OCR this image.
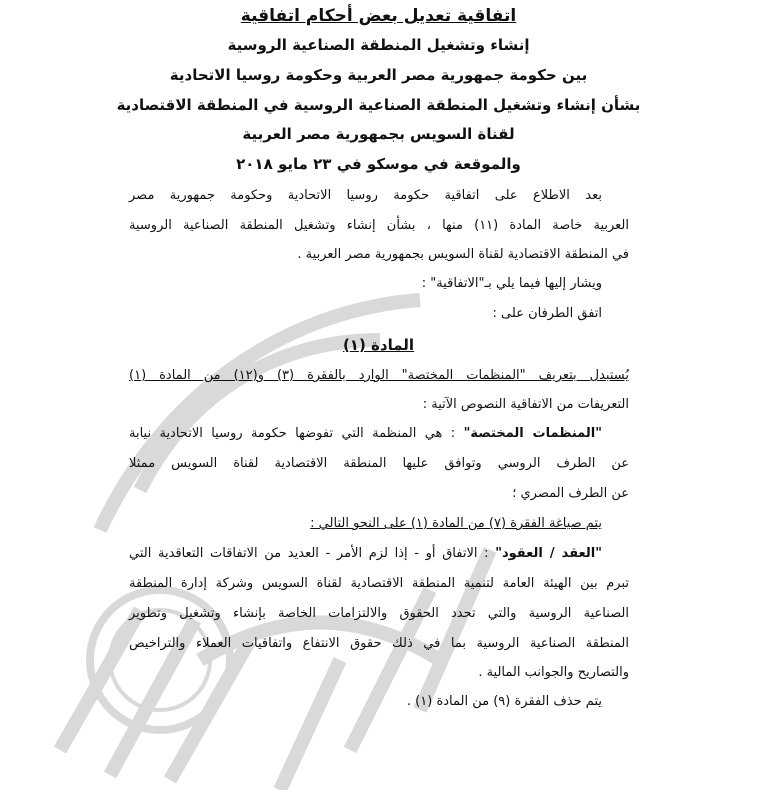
اتفاقية تعديل بعض أحكام اتفاقية
إنشاء وتشغيل المنطقة الصناعية الروسية
بين حكومة جمهورية مصر العربية وحكومة روسيا الاتحادية
بشأن إنشاء وتشغيل المنطقة الصناعية الروسية في المنطقة الاقتصادية
لقناة السويس بجمهورية مصر العربية
والموقعة في موسكو في ٢٣ مايو ٢٠١٨
بعد الاطلاع على اتفاقية حكومة روسيا الاتحادية وحكومة جمهورية مصر
العربية خاصة المادة (١١) منها ، بشأن إنشاء وتشغيل المنطقة الصناعية الروسية
في المنطقة الاقتصادية لقناة السويس بجمهورية مصر العربية .
ويشار إليها فيما يلي بـ"الاتفاقية" :
اتفق الطرفان على :
المادة (١)
يُستبدل بتعريف "المنظمات المختصة" الوارد بالفقرة (٣) و(١٢) من المادة (١)
التعريفات من الاتفاقية النصوص الآتية :
"المنظمات المختصة" : هي المنظمة التي تفوضها حكومة روسيا الاتحادية نيابة
عن الطرف الروسي وتوافق عليها المنطقة الاقتصادية لقناة السويس ممثلا
عن الطرف المصري ؛
يتم صياغة الفقرة (٧) من المادة (١) على النحو التالي :
"العقد / العقود" : الاتفاق أو - إذا لزم الأمر - العديد من الاتفاقات التعاقدية التي
تبرم بين الهيئة العامة لتنمية المنطقة الاقتصادية لقناة السويس وشركة إدارة المنطقة
الصناعية الروسية والتي تحدد الحقوق والالتزامات الخاصة بإنشاء وتشغيل وتطوير
المنطقة الصناعية الروسية بما في ذلك حقوق الانتفاع واتفاقيات العملاء والتراخيص
والتصاريح والجوانب المالية .
يتم حذف الفقرة (٩) من المادة (١) .
